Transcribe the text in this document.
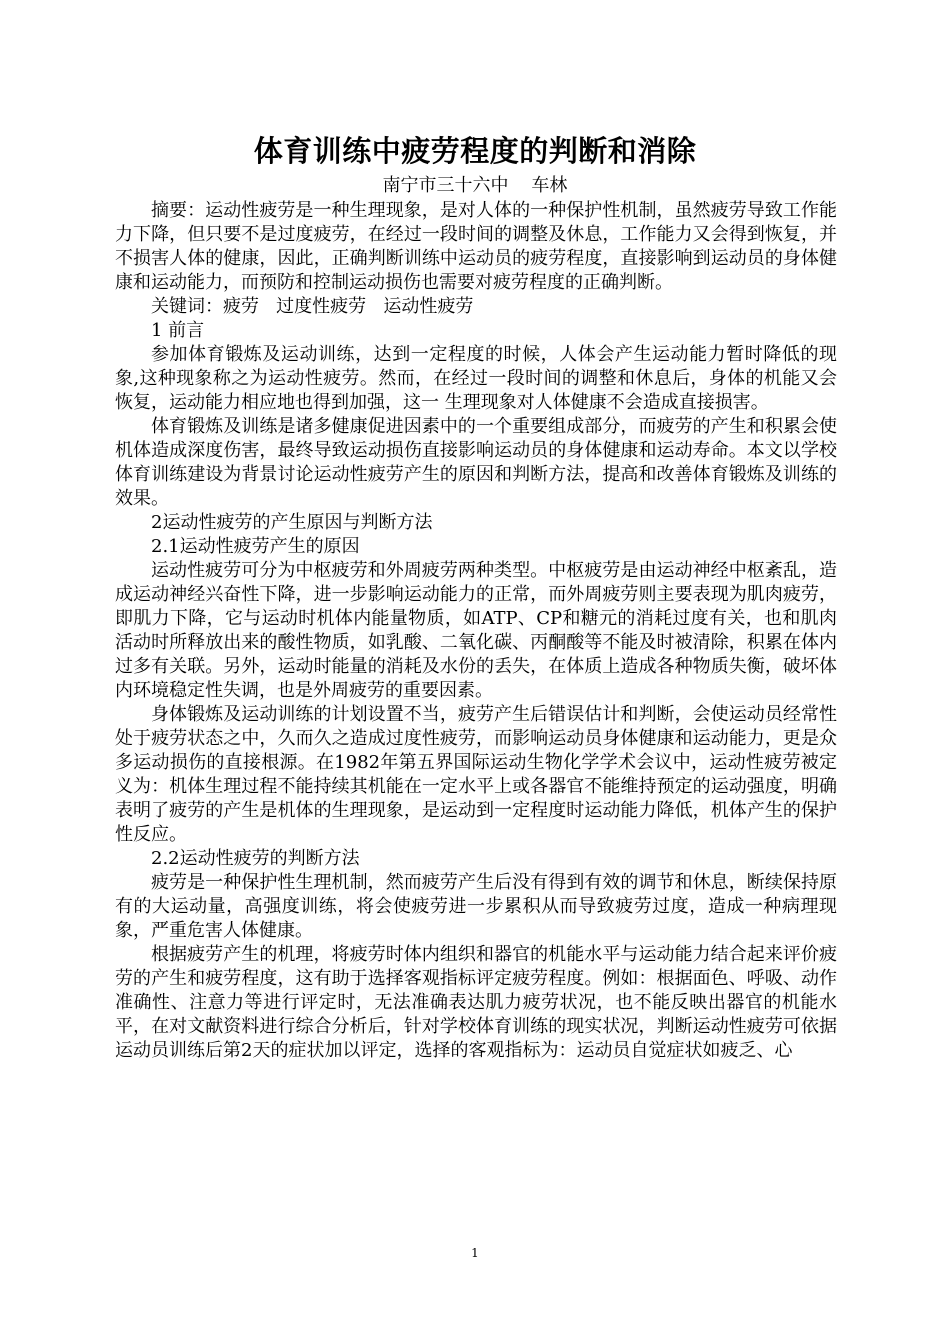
体育训练中疲劳程度的判断和消除

南宁市三十六中    车林

摘要：运动性疲劳是一种生理现象，是对人体的一种保护性机制，虽然疲劳导致工作能力下降，但只要不是过度疲劳，在经过一段时间的调整及休息，工作能力又会得到恢复，并不损害人体的健康，因此，正确判断训练中运动员的疲劳程度，直接影响到运动员的身体健康和运动能力，而预防和控制运动损伤也需要对疲劳程度的正确判断。

关键词：疲劳   过度性疲劳   运动性疲劳

1 前言

参加体育锻炼及运动训练，达到一定程度的时候，人体会产生运动能力暂时降低的现象,这种现象称之为运动性疲劳。然而，在经过一段时间的调整和休息后，身体的机能又会恢复，运动能力相应地也得到加强，这一 生理现象对人体健康不会造成直接损害。

体育锻炼及训练是诸多健康促进因素中的一个重要组成部分，而疲劳的产生和积累会使机体造成深度伤害，最终导致运动损伤直接影响运动员的身体健康和运动寿命。本文以学校体育训练建设为背景讨论运动性疲劳产生的原因和判断方法，提高和改善体育锻炼及训练的效果。

2运动性疲劳的产生原因与判断方法

2.1运动性疲劳产生的原因

运动性疲劳可分为中枢疲劳和外周疲劳两种类型。中枢疲劳是由运动神经中枢紊乱，造成运动神经兴奋性下降，进一步影响运动能力的正常，而外周疲劳则主要表现为肌肉疲劳，即肌力下降，它与运动时机体内能量物质，如ATP、CP和糖元的消耗过度有关，也和肌肉活动时所释放出来的酸性物质，如乳酸、二氧化碳、丙酮酸等不能及时被清除，积累在体内过多有关联。另外，运动时能量的消耗及水份的丢失，在体质上造成各种物质失衡，破坏体内环境稳定性失调，也是外周疲劳的重要因素。

身体锻炼及运动训练的计划设置不当，疲劳产生后错误估计和判断，会使运动员经常性处于疲劳状态之中，久而久之造成过度性疲劳，而影响运动员身体健康和运动能力，更是众多运动损伤的直接根源。在1982年第五界国际运动生物化学学术会议中，运动性疲劳被定义为：机体生理过程不能持续其机能在一定水平上或各器官不能维持预定的运动强度，明确表明了疲劳的产生是机体的生理现象，是运动到一定程度时运动能力降低，机体产生的保护性反应。

2.2运动性疲劳的判断方法

疲劳是一种保护性生理机制，然而疲劳产生后没有得到有效的调节和休息，断续保持原有的大运动量，高强度训练，将会使疲劳进一步累积从而导致疲劳过度，造成一种病理现象，严重危害人体健康。

根据疲劳产生的机理，将疲劳时体内组织和器官的机能水平与运动能力结合起来评价疲劳的产生和疲劳程度，这有助于选择客观指标评定疲劳程度。例如：根据面色、呼吸、动作准确性、注意力等进行评定时，无法准确表达肌力疲劳状况，也不能反映出器官的机能水平，在对文献资料进行综合分析后，针对学校体育训练的现实状况，判断运动性疲劳可依据运动员训练后第2天的症状加以评定，选择的客观指标为：运动员自觉症状如疲乏、心

1
